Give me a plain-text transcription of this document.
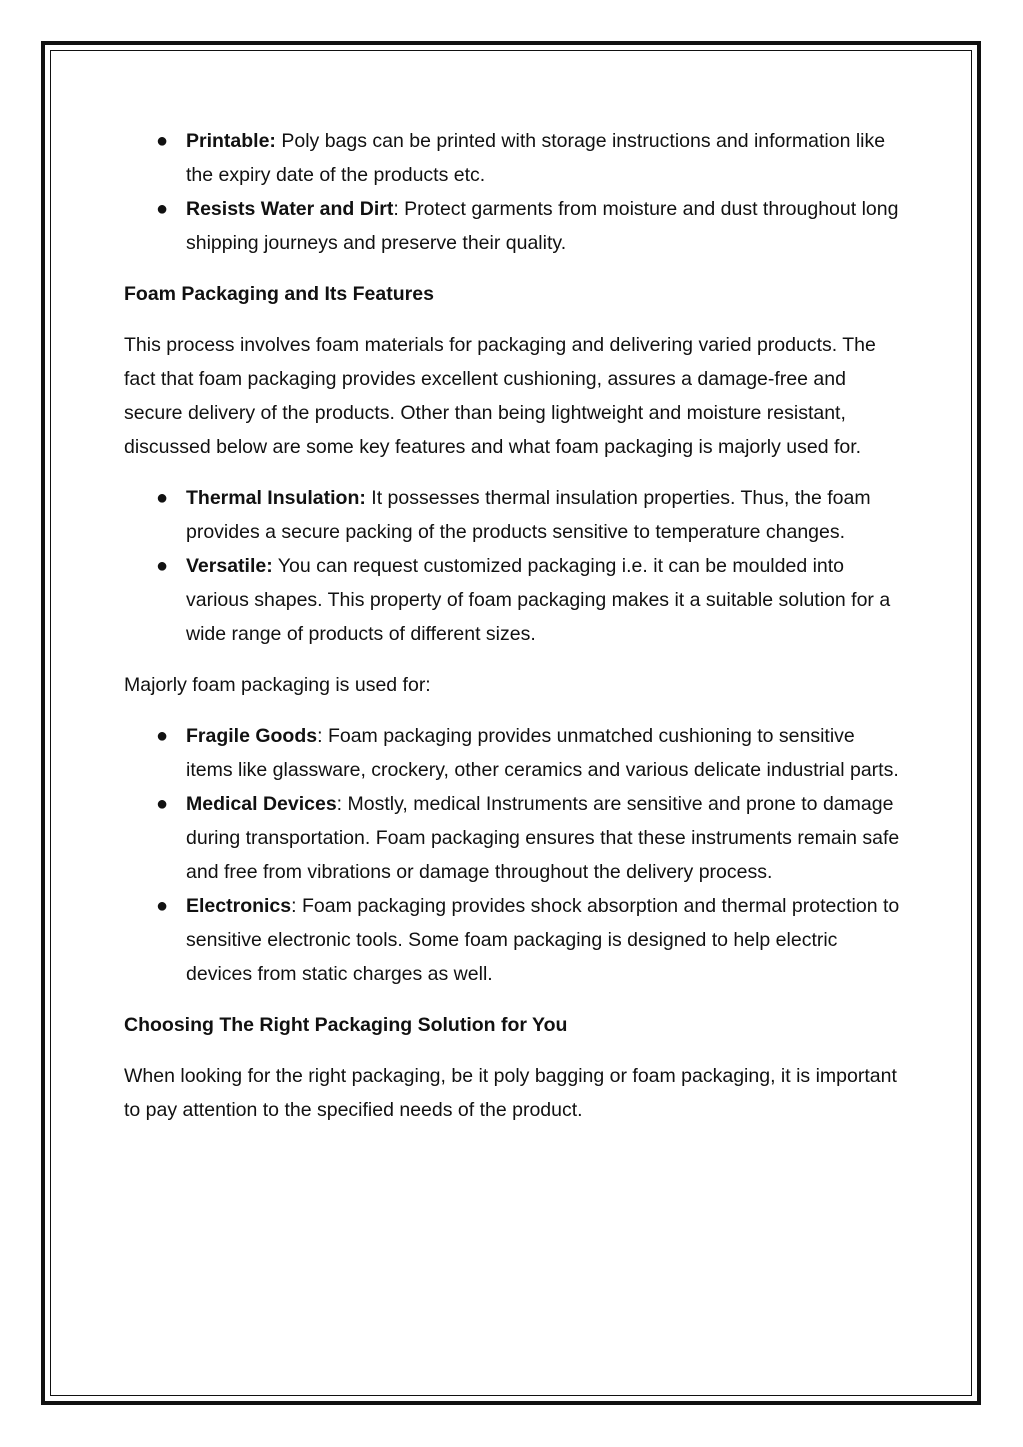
● Printable: Poly bags can be printed with storage instructions and information like the expiry date of the products etc.
● Resists Water and Dirt: Protect garments from moisture and dust throughout long shipping journeys and preserve their quality.

Foam Packaging and Its Features

This process involves foam materials for packaging and delivering varied products. The fact that foam packaging provides excellent cushioning, assures a damage-free and secure delivery of the products. Other than being lightweight and moisture resistant, discussed below are some key features and what foam packaging is majorly used for.

● Thermal Insulation: It possesses thermal insulation properties. Thus, the foam provides a secure packing of the products sensitive to temperature changes.
● Versatile: You can request customized packaging i.e. it can be moulded into various shapes. This property of foam packaging makes it a suitable solution for a wide range of products of different sizes.

Majorly foam packaging is used for:

● Fragile Goods: Foam packaging provides unmatched cushioning to sensitive items like glassware, crockery, other ceramics and various delicate industrial parts.
● Medical Devices: Mostly, medical Instruments are sensitive and prone to damage during transportation. Foam packaging ensures that these instruments remain safe and free from vibrations or damage throughout the delivery process.
● Electronics: Foam packaging provides shock absorption and thermal protection to sensitive electronic tools. Some foam packaging is designed to help electric devices from static charges as well.

Choosing The Right Packaging Solution for You

When looking for the right packaging, be it poly bagging or foam packaging, it is important to pay attention to the specified needs of the product.
